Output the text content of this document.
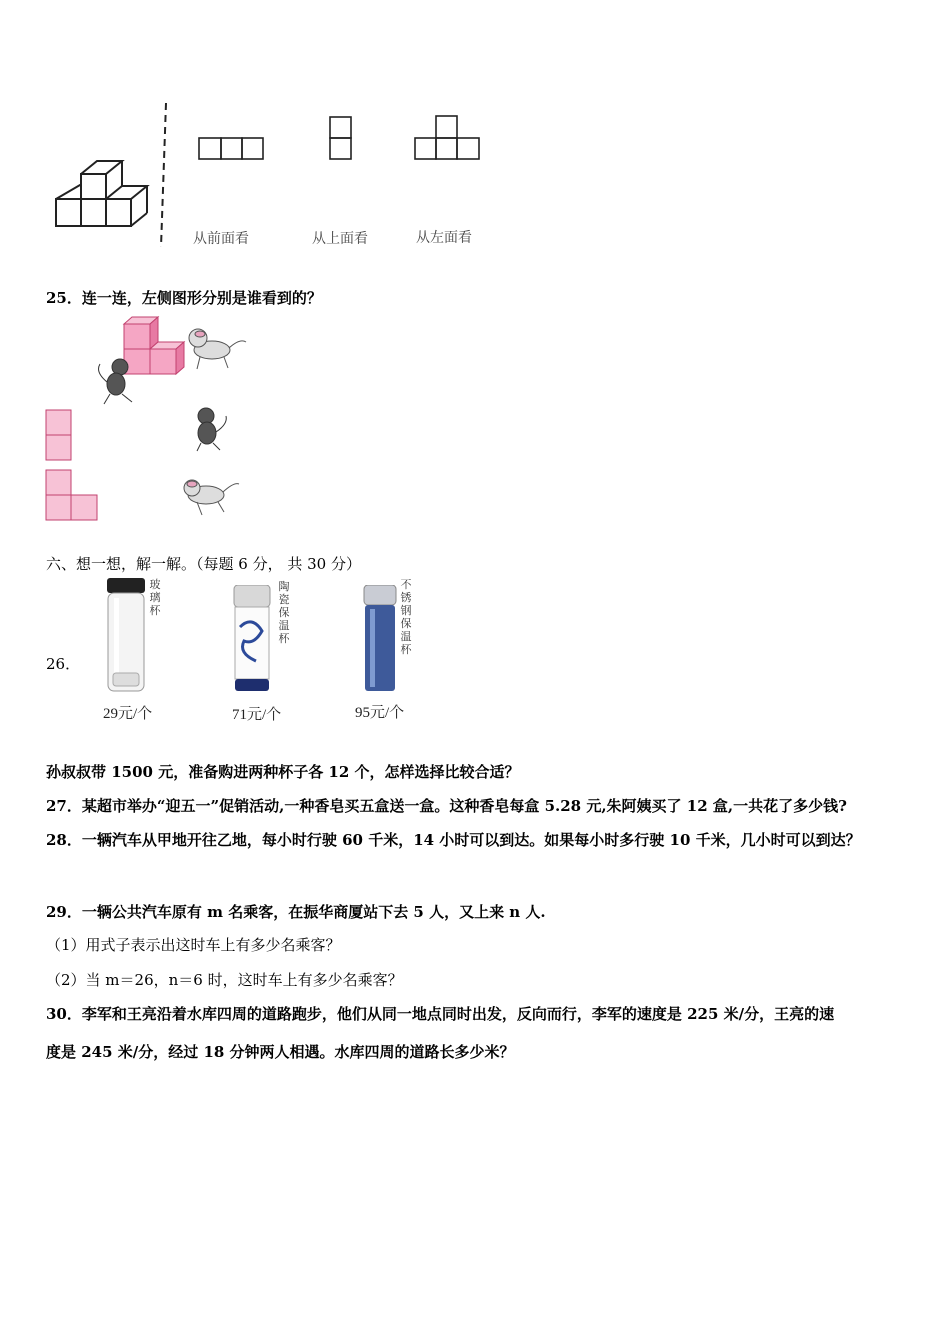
从前面看	从上面看	从左面看
25．连一连，左侧图形分别是谁看到的？
六、想一想，解一解。（每题 6 分， 共 30 分）
26．
玻璃杯
陶瓷保温杯
不锈钢保温杯
29元/个	71元/个	95元/个
孙叔叔带 1500 元，准备购进两种杯子各 12 个，怎样选择比较合适？
27．某超市举办“迎五一”促销活动,一种香皂买五盒送一盒。这种香皂每盒 5.28 元,朱阿姨买了 12 盒,一共花了多少钱?
28．一辆汽车从甲地开往乙地，每小时行驶 60 千米，14 小时可以到达。如果每小时多行驶 10 千米，几小时可以到达？
29．一辆公共汽车原有 m 名乘客，在振华商厦站下去 5 人，又上来 n 人.
（1）用式子表示出这时车上有多少名乘客？
（2）当 m＝26，n＝6 时，这时车上有多少名乘客？
30．李军和王亮沿着水库四周的道路跑步，他们从同一地点同时出发，反向而行，李军的速度是 225 米/分，王亮的速
度是 245 米/分，经过 18 分钟两人相遇。水库四周的道路长多少米？
